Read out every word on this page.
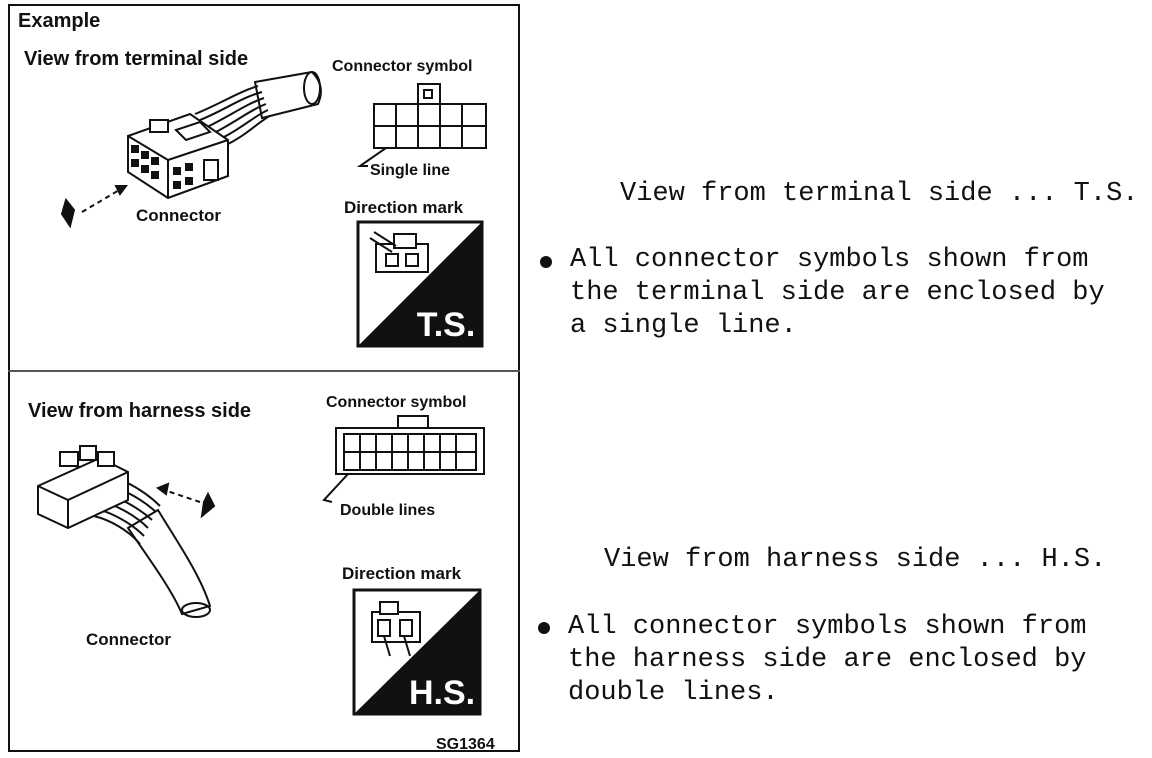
T.S.
H.S.
Example
View from terminal side	Connector symbol
Single line
Connector	Direction mark
View from harness side	Connector symbol
Double lines
Connector
Direction mark
SG1364
View from terminal side ... T.S.
All connector symbols shown from
the terminal side are enclosed by
a single line.
View from harness side ... H.S.
All connector symbols shown from
the harness side are enclosed by
double lines.
